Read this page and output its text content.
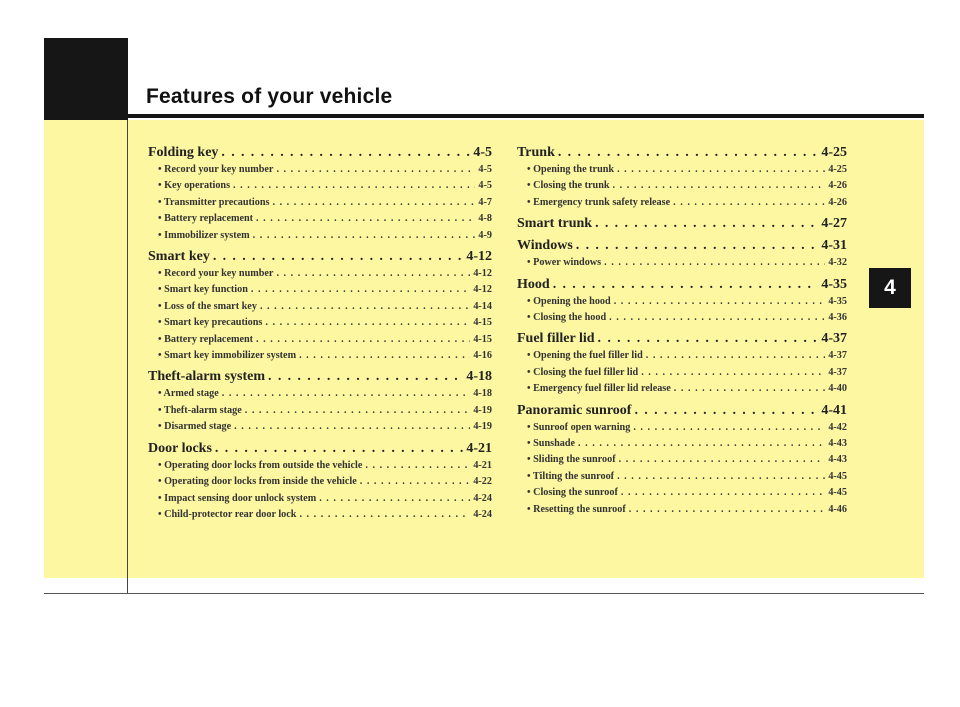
Features of your vehicle
4
Folding key . . .	4-5
• Record your key number . . .	4-5
• Key operations . . .	4-5
• Transmitter precautions . . .	4-7
• Battery replacement . . .	4-8
• Immobilizer system . . .	4-9
Smart key . . .	4-12
• Record your key number . . .	4-12
• Smart key function . . .	4-12
• Loss of the smart key . . .	4-14
• Smart key precautions . . .	4-15
• Battery replacement . . .	4-15
• Smart key immobilizer system . . .	4-16
Theft-alarm system . . .	4-18
• Armed stage . . .	4-18
• Theft-alarm stage . . .	4-19
• Disarmed stage . . .	4-19
Door locks . . .	4-21
• Operating door locks from outside the vehicle . . .	4-21
• Operating door locks from inside the vehicle . . .	4-22
• Impact sensing door unlock system . . .	4-24
• Child-protector rear door lock . . .	4-24
Trunk . . .	4-25
• Opening the trunk . . .	4-25
• Closing the trunk . . .	4-26
• Emergency trunk safety release . . .	4-26
Smart trunk . . .	4-27
Windows . . .	4-31
• Power windows . . .	4-32
Hood . . .	4-35
• Opening the hood . . .	4-35
• Closing the hood . . .	4-36
Fuel filler lid . . .	4-37
• Opening the fuel filler lid . . .	4-37
• Closing the fuel filler lid . . .	4-37
• Emergency fuel filler lid release . . .	4-40
Panoramic sunroof . . .	4-41
• Sunroof open warning . . .	4-42
• Sunshade . . .	4-43
• Sliding the sunroof . . .	4-43
• Tilting the sunroof . . .	4-45
• Closing the sunroof . . .	4-45
• Resetting the sunroof . . .	4-46
